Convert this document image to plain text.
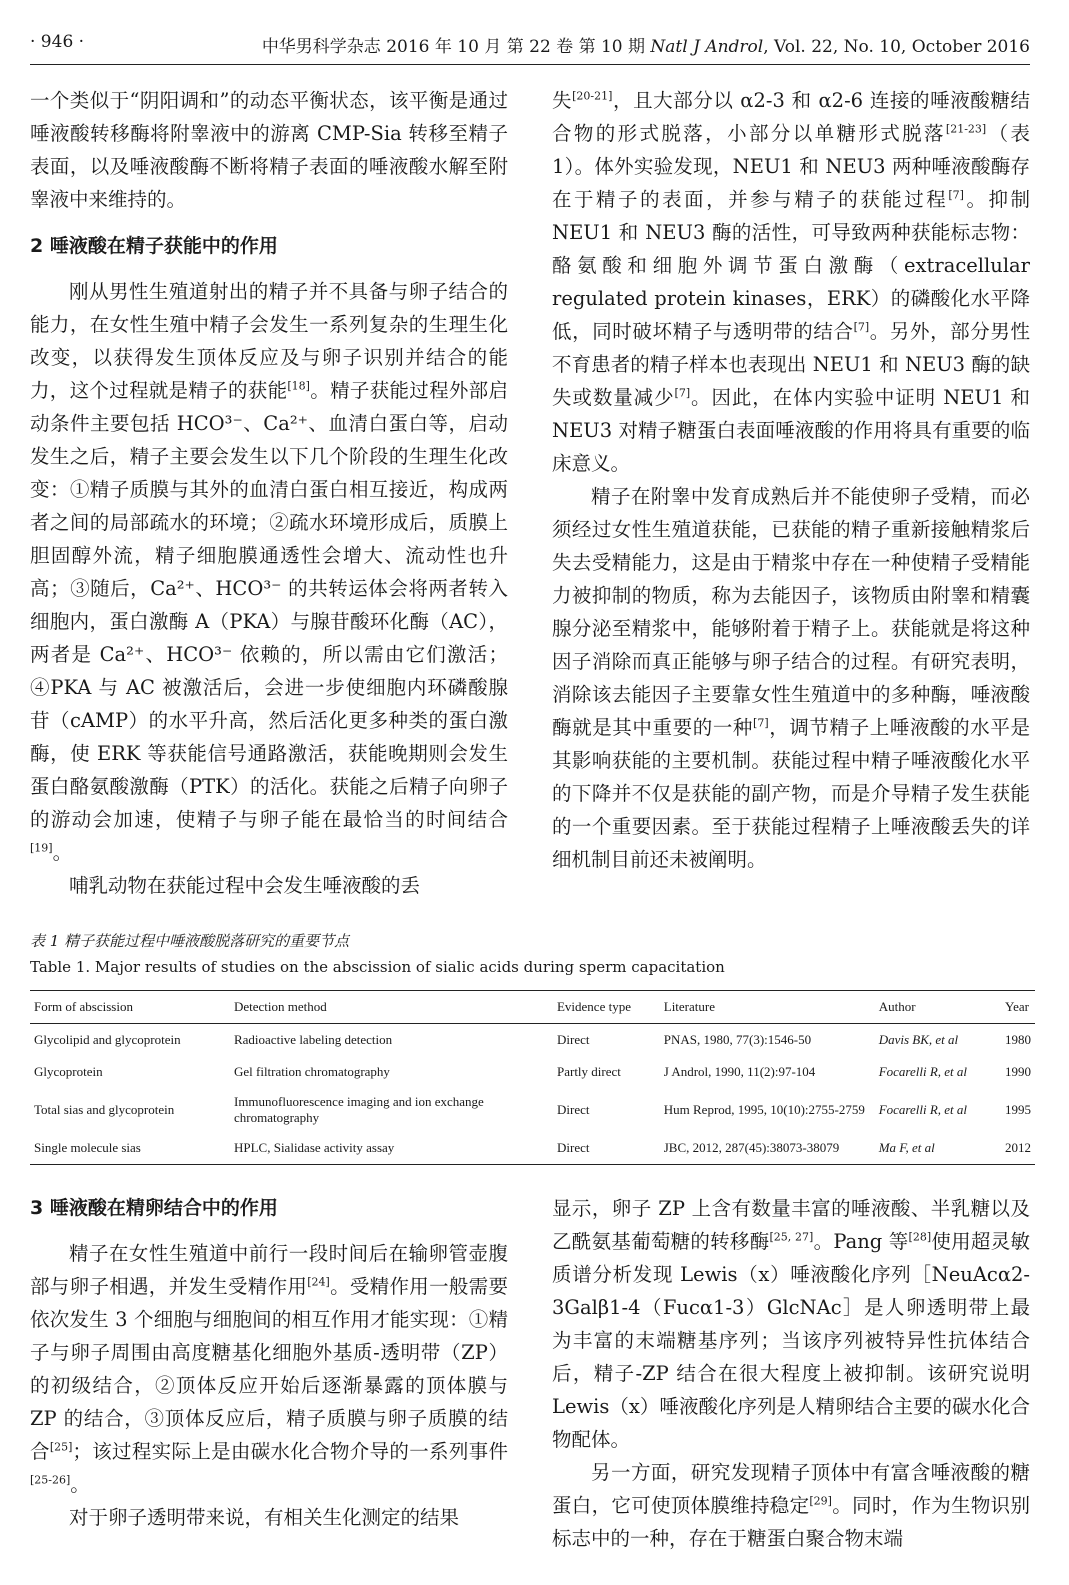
· 946 ·	中华男科学杂志 2016 年 10 月 第 22 卷 第 10 期 Natl J Androl, Vol. 22, No. 10, October 2016

一个类似于“阴阳调和”的动态平衡状态，该平衡是通过唾液酸转移酶将附睾液中的游离 CMP-Sia 转移至精子表面，以及唾液酸酶不断将精子表面的唾液酸水解至附睾液中来维持的。

2 唾液酸在精子获能中的作用

刚从男性生殖道射出的精子并不具备与卵子结合的能力，在女性生殖中精子会发生一系列复杂的生理生化改变，以获得发生顶体反应及与卵子识别并结合的能力，这个过程就是精子的获能[18]。精子获能过程外部启动条件主要包括 HCO³⁻、Ca²⁺、血清白蛋白等，启动发生之后，精子主要会发生以下几个阶段的生理生化改变：①精子质膜与其外的血清白蛋白相互接近，构成两者之间的局部疏水的环境；②疏水环境形成后，质膜上胆固醇外流，精子细胞膜通透性会增大、流动性也升高；③随后，Ca²⁺、HCO³⁻ 的共转运体会将两者转入细胞内，蛋白激酶 A（PKA）与腺苷酸环化酶（AC），两者是 Ca²⁺、HCO³⁻ 依赖的，所以需由它们激活；④PKA 与 AC 被激活后，会进一步使细胞内环磷酸腺苷（cAMP）的水平升高，然后活化更多种类的蛋白激酶，使 ERK 等获能信号通路激活，获能晚期则会发生蛋白酪氨酸激酶（PTK）的活化。获能之后精子向卵子的游动会加速，使精子与卵子能在最恰当的时间结合[19]。

哺乳动物在获能过程中会发生唾液酸的丢

失[20-21]，且大部分以 α2-3 和 α2-6 连接的唾液酸糖结合物的形式脱落，小部分以单糖形式脱落[21-23]（表 1）。体外实验发现，NEU1 和 NEU3 两种唾液酸酶存在于精子的表面，并参与精子的获能过程[7]。抑制 NEU1 和 NEU3 酶的活性，可导致两种获能标志物：酪氨酸和细胞外调节蛋白激酶（extracellular regulated protein kinases，ERK）的磷酸化水平降低，同时破坏精子与透明带的结合[7]。另外，部分男性不育患者的精子样本也表现出 NEU1 和 NEU3 酶的缺失或数量减少[7]。因此，在体内实验中证明 NEU1 和 NEU3 对精子糖蛋白表面唾液酸的作用将具有重要的临床意义。

精子在附睾中发育成熟后并不能使卵子受精，而必须经过女性生殖道获能，已获能的精子重新接触精浆后失去受精能力，这是由于精浆中存在一种使精子受精能力被抑制的物质，称为去能因子，该物质由附睾和精囊腺分泌至精浆中，能够附着于精子上。获能就是将这种因子消除而真正能够与卵子结合的过程。有研究表明，消除该去能因子主要靠女性生殖道中的多种酶，唾液酸酶就是其中重要的一种[7]，调节精子上唾液酸的水平是其影响获能的主要机制。获能过程中精子唾液酸化水平的下降并不仅是获能的副产物，而是介导精子发生获能的一个重要因素。至于获能过程精子上唾液酸丢失的详细机制目前还未被阐明。

表 1 精子获能过程中唾液酸脱落研究的重要节点
Table 1. Major results of studies on the abscission of sialic acids during sperm capacitation
Form of abscission	Detection method	Evidence type	Literature	Author	Year
Glycolipid and glycoprotein	Radioactive labeling detection	Direct	PNAS, 1980, 77(3):1546-50	Davis BK, et al	1980
Glycoprotein	Gel filtration chromatography	Partly direct	J Androl, 1990, 11(2):97-104	Focarelli R, et al	1990
Total sias and glycoprotein	Immunofluorescence imaging and ion exchange chromatography	Direct	Hum Reprod, 1995, 10(10):2755-2759	Focarelli R, et al	1995
Single molecule sias	HPLC, Sialidase activity assay	Direct	JBC, 2012, 287(45):38073-38079	Ma F, et al	2012

3 唾液酸在精卵结合中的作用

精子在女性生殖道中前行一段时间后在输卵管壶腹部与卵子相遇，并发生受精作用[24]。受精作用一般需要依次发生 3 个细胞与细胞间的相互作用才能实现：①精子与卵子周围由高度糖基化细胞外基质-透明带（ZP）的初级结合，②顶体反应开始后逐渐暴露的顶体膜与 ZP 的结合，③顶体反应后，精子质膜与卵子质膜的结合[25]；该过程实际上是由碳水化合物介导的一系列事件[25-26]。

对于卵子透明带来说，有相关生化测定的结果

显示，卵子 ZP 上含有数量丰富的唾液酸、半乳糖以及乙酰氨基葡萄糖的转移酶[25, 27]。Pang 等[28]使用超灵敏质谱分析发现 Lewis（x）唾液酸化序列［NeuAcα2-3Galβ1-4（Fucα1-3）GlcNAc］是人卵透明带上最为丰富的末端糖基序列；当该序列被特异性抗体结合后，精子-ZP 结合在很大程度上被抑制。该研究说明 Lewis（x）唾液酸化序列是人精卵结合主要的碳水化合物配体。

另一方面，研究发现精子顶体中有富含唾液酸的糖蛋白，它可使顶体膜维持稳定[29]。同时，作为生物识别标志中的一种，存在于糖蛋白聚合物末端
